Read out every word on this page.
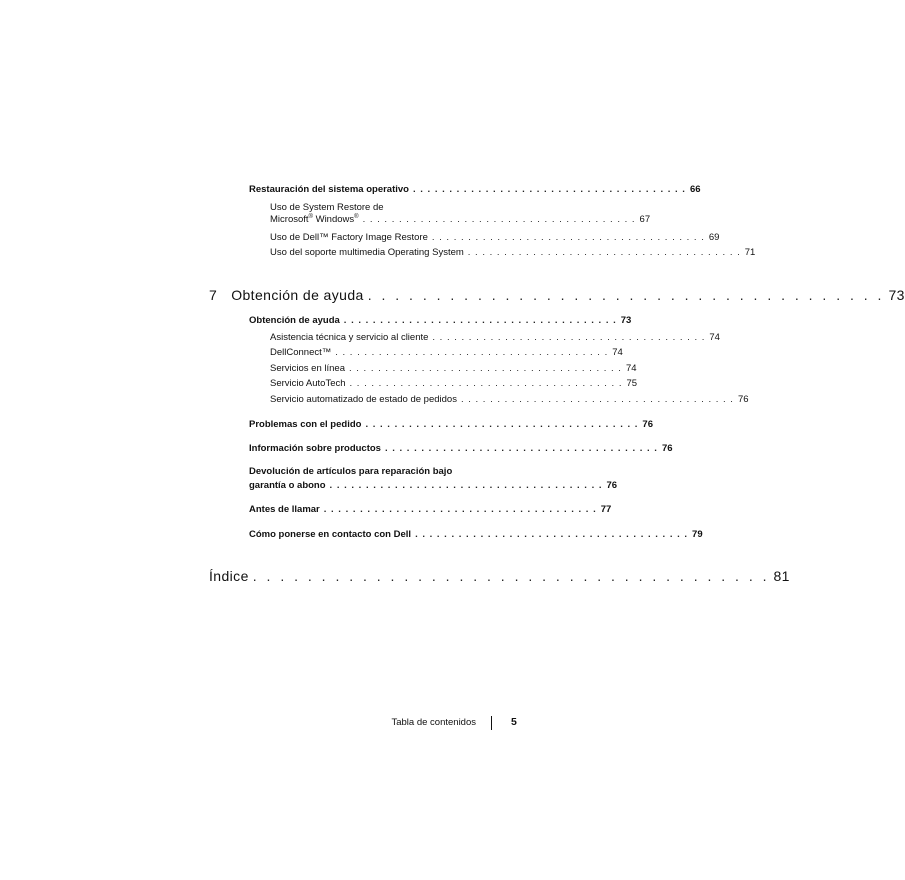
Restauración del sistema operativo . . . . . . . . . . . . . . . . . . . . . . . . . . . . . . . . . . . . . . 66
Uso de System Restore de
Microsoft® Windows® . . . . . . . . . . . . . . . . . . . . . . . . . . . . . . . . . . . . . . 67
Uso de Dell™ Factory Image Restore . . . . . . . . . . . . . . . . . . . . . . . . . . . . . . . . . . . . . . 69
Uso del soporte multimedia Operating System . . . . . . . . . . . . . . . . . . . . . . . . . . . . . . . . . . . . . . 71
7 Obtención de ayuda . . . . . . . . . . . . . . . . . . . . . . . . . . . . . . . . . . . . . . 73
Obtención de ayuda . . . . . . . . . . . . . . . . . . . . . . . . . . . . . . . . . . . . . . 73
Asistencia técnica y servicio al cliente . . . . . . . . . . . . . . . . . . . . . . . . . . . . . . . . . . . . . . 74
DellConnect™ . . . . . . . . . . . . . . . . . . . . . . . . . . . . . . . . . . . . . . 74
Servicios en línea . . . . . . . . . . . . . . . . . . . . . . . . . . . . . . . . . . . . . . 74
Servicio AutoTech . . . . . . . . . . . . . . . . . . . . . . . . . . . . . . . . . . . . . . 75
Servicio automatizado de estado de pedidos . . . . . . . . . . . . . . . . . . . . . . . . . . . . . . . . . . . . . . 76
Problemas con el pedido . . . . . . . . . . . . . . . . . . . . . . . . . . . . . . . . . . . . . . 76
Información sobre productos . . . . . . . . . . . . . . . . . . . . . . . . . . . . . . . . . . . . . . 76
Devolución de artículos para reparación bajo
garantía o abono . . . . . . . . . . . . . . . . . . . . . . . . . . . . . . . . . . . . . . 76
Antes de llamar . . . . . . . . . . . . . . . . . . . . . . . . . . . . . . . . . . . . . . 77
Cómo ponerse en contacto con Dell . . . . . . . . . . . . . . . . . . . . . . . . . . . . . . . . . . . . . . 79
Índice . . . . . . . . . . . . . . . . . . . . . . . . . . . . . . . . . . . . . . 81
Tabla de contenidos	5
